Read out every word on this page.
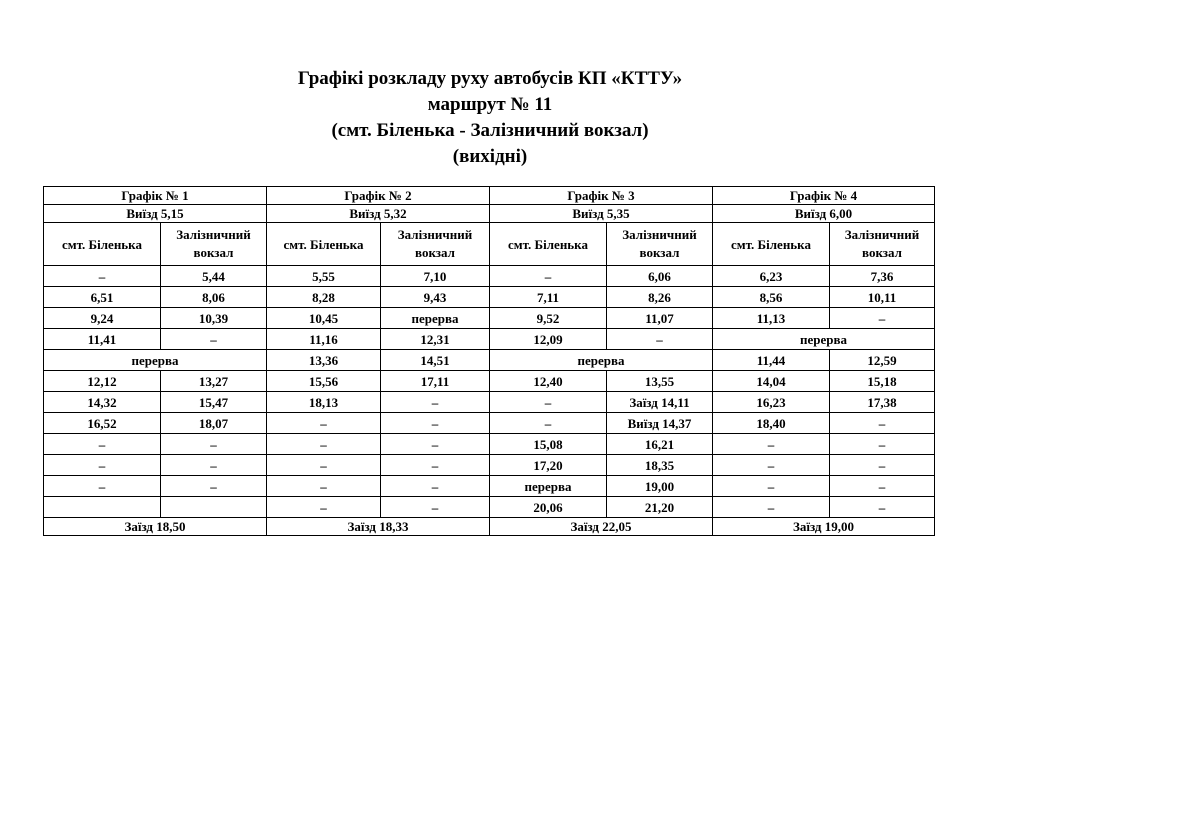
Графікі розкладу руху автобусів КП «КТТУ»
маршрут № 11
(смт. Біленька - Залізничний вокзал)
(вихідні)
Графік № 1		Графік № 2		Графік № 3		Графік № 4	
Виїзд 5,15		Виїзд 5,32		Виїзд 5,35		Виїзд 6,00	
смт. Біленька	Залізничний вокзал	смт. Біленька	Залізничний вокзал	смт. Біленька	Залізничний вокзал	смт. Біленька	Залізничний вокзал
–	5,44	5,55	7,10	–	6,06	6,23	7,36
6,51	8,06	8,28	9,43	7,11	8,26	8,56	10,11
9,24	10,39	10,45	перерва	9,52	11,07	11,13	–
11,41	–	11,16	12,31	12,09	–	перерва	
перерва		13,36	14,51	перерва		11,44	12,59
12,12	13,27	15,56	17,11	12,40	13,55	14,04	15,18
14,32	15,47	18,13	–	–	Заїзд 14,11	16,23	17,38
16,52	18,07	–	–	–	Виїзд 14,37	18,40	–
–	–	–	–	15,08	16,21	–	–
–	–	–	–	17,20	18,35	–	–
–	–	–	–	перерва	19,00	–	–
		–	–	20,06	21,20	–	–
Заїзд 18,50		Заїзд 18,33		Заїзд 22,05		Заїзд 19,00	
